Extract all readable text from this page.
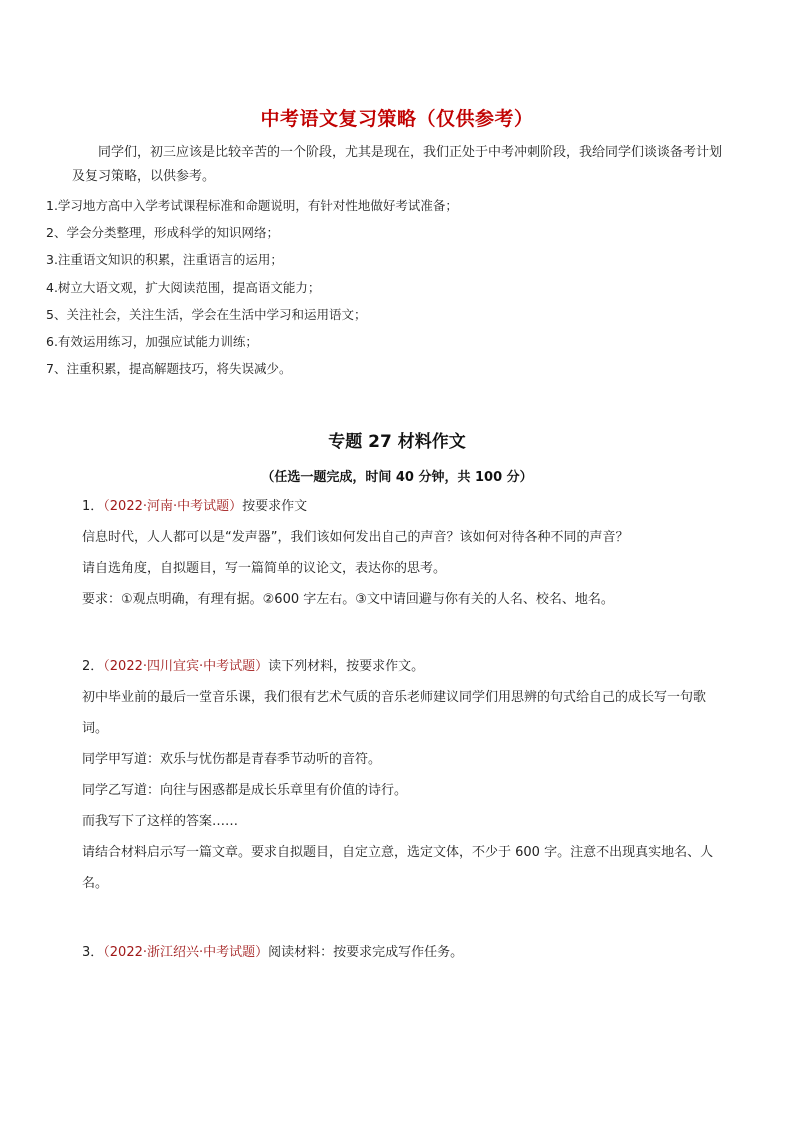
中考语文复习策略（仅供参考）
同学们，初三应该是比较辛苦的一个阶段，尤其是现在，我们正处于中考冲刺阶段，我给同学们谈谈备考计划及复习策略，以供参考。
1.学习地方高中入学考试课程标准和命题说明，有针对性地做好考试准备；
2、学会分类整理，形成科学的知识网络；
3.注重语文知识的积累，注重语言的运用；
4.树立大语文观，扩大阅读范围，提高语文能力；
5、关注社会，关注生活，学会在生活中学习和运用语文；
6.有效运用练习，加强应试能力训练；
7、注重积累，提高解题技巧，将失误减少。
专题 27 材料作文
（任选一题完成，时间 40 分钟，共 100 分）
1．（2022·河南·中考试题）按要求作文
信息时代，人人都可以是“发声器”，我们该如何发出自己的声音？该如何对待各种不同的声音？
请自选角度，自拟题目，写一篇简单的议论文，表达你的思考。
要求：①观点明确，有理有据。②600 字左右。③文中请回避与你有关的人名、校名、地名。
2．（2022·四川宜宾·中考试题）读下列材料，按要求作文。
初中毕业前的最后一堂音乐课，我们很有艺术气质的音乐老师建议同学们用思辨的句式给自己的成长写一句歌词。
同学甲写道：欢乐与忧伤都是青春季节动听的音符。
同学乙写道：向往与困惑都是成长乐章里有价值的诗行。
而我写下了这样的答案……
请结合材料启示写一篇文章。要求自拟题目，自定立意，选定文体，不少于 600 字。注意不出现真实地名、人名。
3．（2022·浙江绍兴·中考试题）阅读材料：按要求完成写作任务。
